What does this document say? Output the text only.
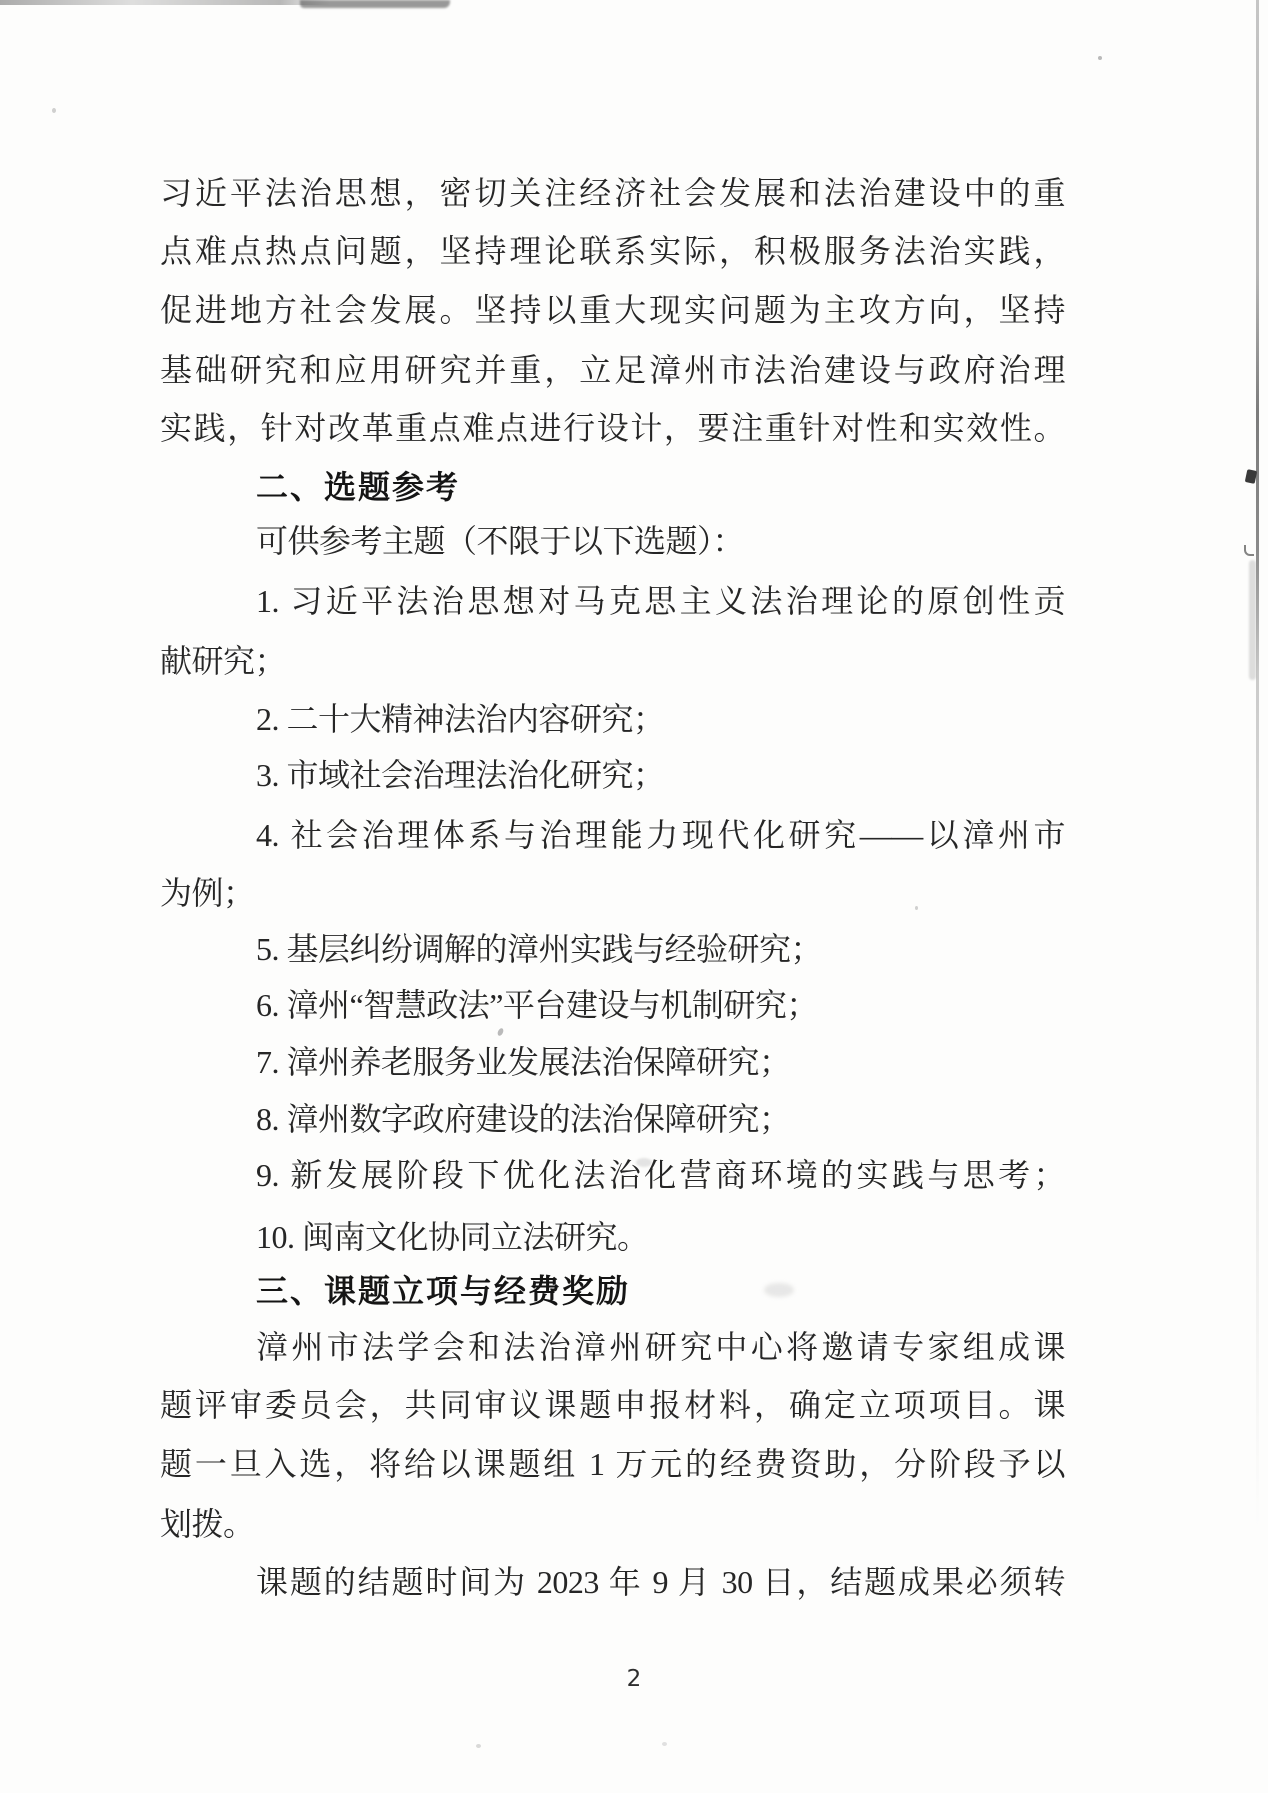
习近平法治思想，密切关注经济社会发展和法治建设中的重
点难点热点问题，坚持理论联系实际，积极服务法治实践，
促进地方社会发展。坚持以重大现实问题为主攻方向，坚持
基础研究和应用研究并重，立足漳州市法治建设与政府治理
实践，针对改革重点难点进行设计，要注重针对性和实效性。
二、选题参考
可供参考主题（不限于以下选题）：
1. 习近平法治思想对马克思主义法治理论的原创性贡
献研究；
2. 二十大精神法治内容研究；
3. 市域社会治理法治化研究；
4. 社会治理体系与治理能力现代化研究——以漳州市
为例；
5. 基层纠纷调解的漳州实践与经验研究；
6. 漳州“智慧政法”平台建设与机制研究；
7. 漳州养老服务业发展法治保障研究；
8. 漳州数字政府建设的法治保障研究；
9. 新发展阶段下优化法治化营商环境的实践与思考；
10. 闽南文化协同立法研究。
三、课题立项与经费奖励
漳州市法学会和法治漳州研究中心将邀请专家组成课
题评审委员会，共同审议课题申报材料，确定立项项目。课
题一旦入选，将给以课题组 1 万元的经费资助，分阶段予以
划拨。
课题的结题时间为 2023 年 9 月 30 日，结题成果必须转
2
